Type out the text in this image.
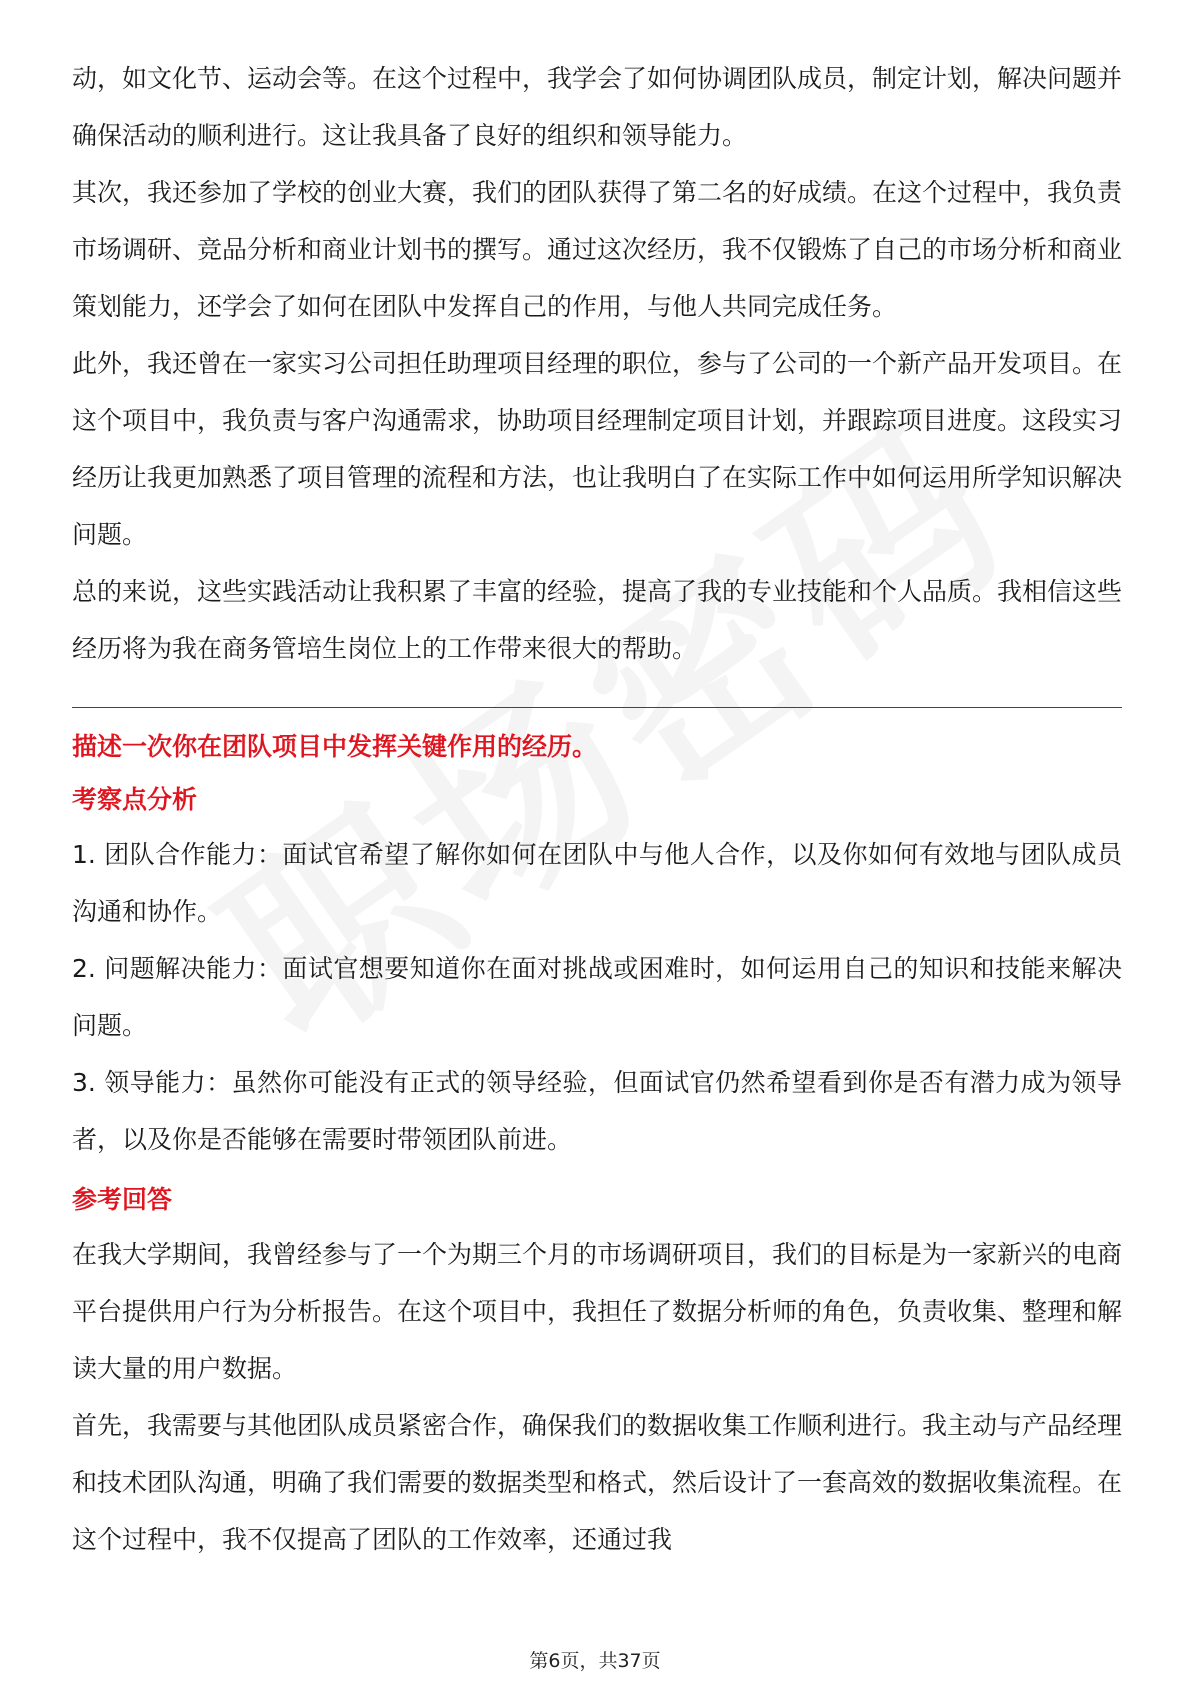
动，如文化节、运动会等。在这个过程中，我学会了如何协调团队成员，制定计划，解决问题并确保活动的顺利进行。这让我具备了良好的组织和领导能力。

其次，我还参加了学校的创业大赛，我们的团队获得了第二名的好成绩。在这个过程中，我负责市场调研、竞品分析和商业计划书的撰写。通过这次经历，我不仅锻炼了自己的市场分析和商业策划能力，还学会了如何在团队中发挥自己的作用，与他人共同完成任务。

此外，我还曾在一家实习公司担任助理项目经理的职位，参与了公司的一个新产品开发项目。在这个项目中，我负责与客户沟通需求，协助项目经理制定项目计划，并跟踪项目进度。这段实习经历让我更加熟悉了项目管理的流程和方法，也让我明白了在实际工作中如何运用所学知识解决问题。

总的来说，这些实践活动让我积累了丰富的经验，提高了我的专业技能和个人品质。我相信这些经历将为我在商务管培生岗位上的工作带来很大的帮助。

描述一次你在团队项目中发挥关键作用的经历。

考察点分析

1. 团队合作能力：面试官希望了解你如何在团队中与他人合作，以及你如何有效地与团队成员沟通和协作。

2. 问题解决能力：面试官想要知道你在面对挑战或困难时，如何运用自己的知识和技能来解决问题。

3. 领导能力：虽然你可能没有正式的领导经验，但面试官仍然希望看到你是否有潜力成为领导者，以及你是否能够在需要时带领团队前进。

参考回答

在我大学期间，我曾经参与了一个为期三个月的市场调研项目，我们的目标是为一家新兴的电商平台提供用户行为分析报告。在这个项目中，我担任了数据分析师的角色，负责收集、整理和解读大量的用户数据。

首先，我需要与其他团队成员紧密合作，确保我们的数据收集工作顺利进行。我主动与产品经理和技术团队沟通，明确了我们需要的数据类型和格式，然后设计了一套高效的数据收集流程。在这个过程中，我不仅提高了团队的工作效率，还通过我

第6页，共37页
